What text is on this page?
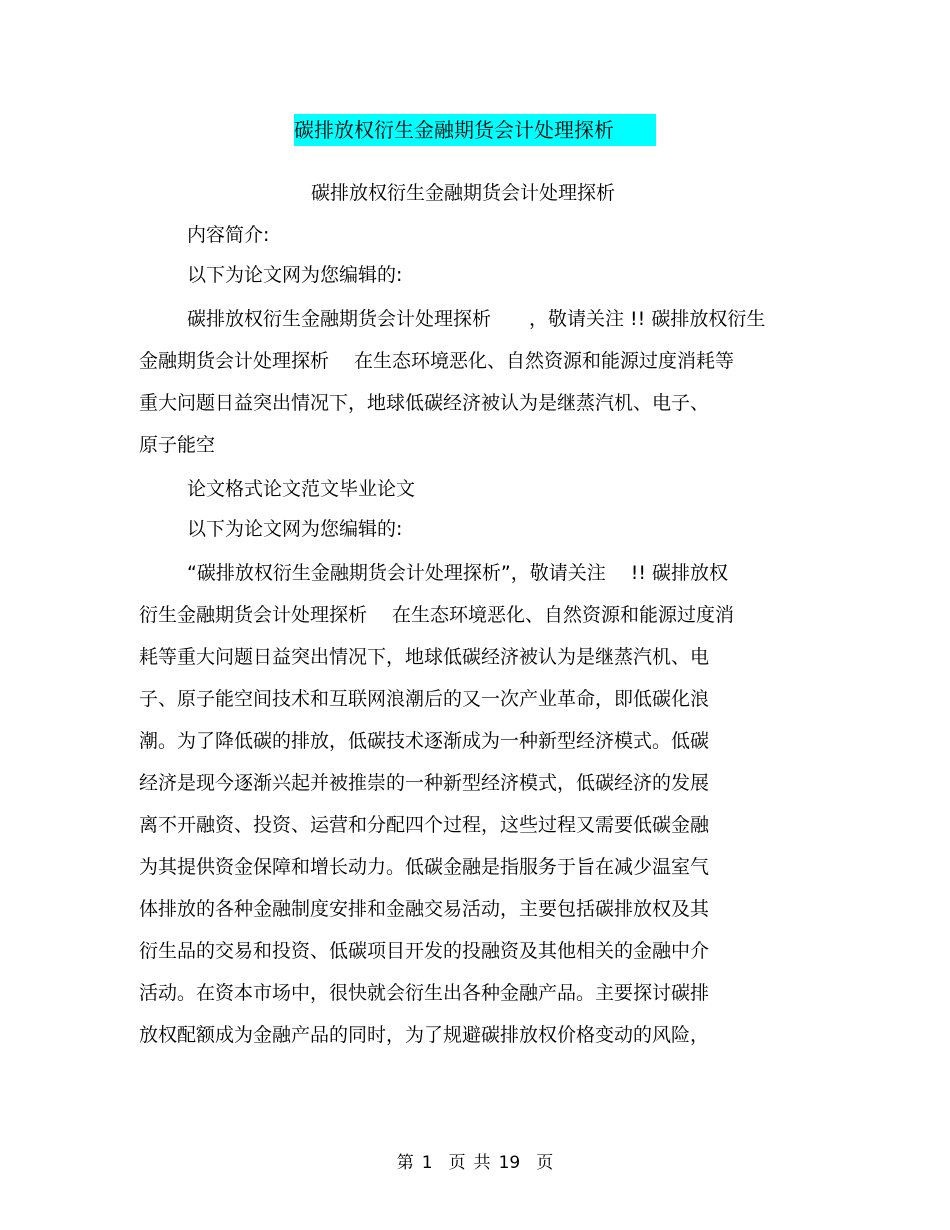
碳排放权衍生金融期货会计处理探析
碳排放权衍生金融期货会计处理探析
内容简介:
以下为论文网为您编辑的:
碳排放权衍生金融期货会计处理探析　　，敬请关注 !! 碳排放权衍生
金融期货会计处理探析　 在生态环境恶化、自然资源和能源过度消耗等
重大问题日益突出情况下，地球低碳经济被认为是继蒸汽机、电子、
原子能空
论文格式论文范文毕业论文
以下为论文网为您编辑的:
“碳排放权衍生金融期货会计处理探析”，敬请关注　 !! 碳排放权
衍生金融期货会计处理探析　 在生态环境恶化、自然资源和能源过度消
耗等重大问题日益突出情况下，地球低碳经济被认为是继蒸汽机、电
子、原子能空间技术和互联网浪潮后的又一次产业革命，即低碳化浪
潮。为了降低碳的排放，低碳技术逐渐成为一种新型经济模式。低碳
经济是现今逐渐兴起并被推崇的一种新型经济模式，低碳经济的发展
离不开融资、投资、运营和分配四个过程，这些过程又需要低碳金融
为其提供资金保障和增长动力。低碳金融是指服务于旨在减少温室气
体排放的各种金融制度安排和金融交易活动，主要包括碳排放权及其
衍生品的交易和投资、低碳项目开发的投融资及其他相关的金融中介
活动。在资本市场中，很快就会衍生出各种金融产品。主要探讨碳排
放权配额成为金融产品的同时，为了规避碳排放权价格变动的风险，
第 1 页 共 19 页
